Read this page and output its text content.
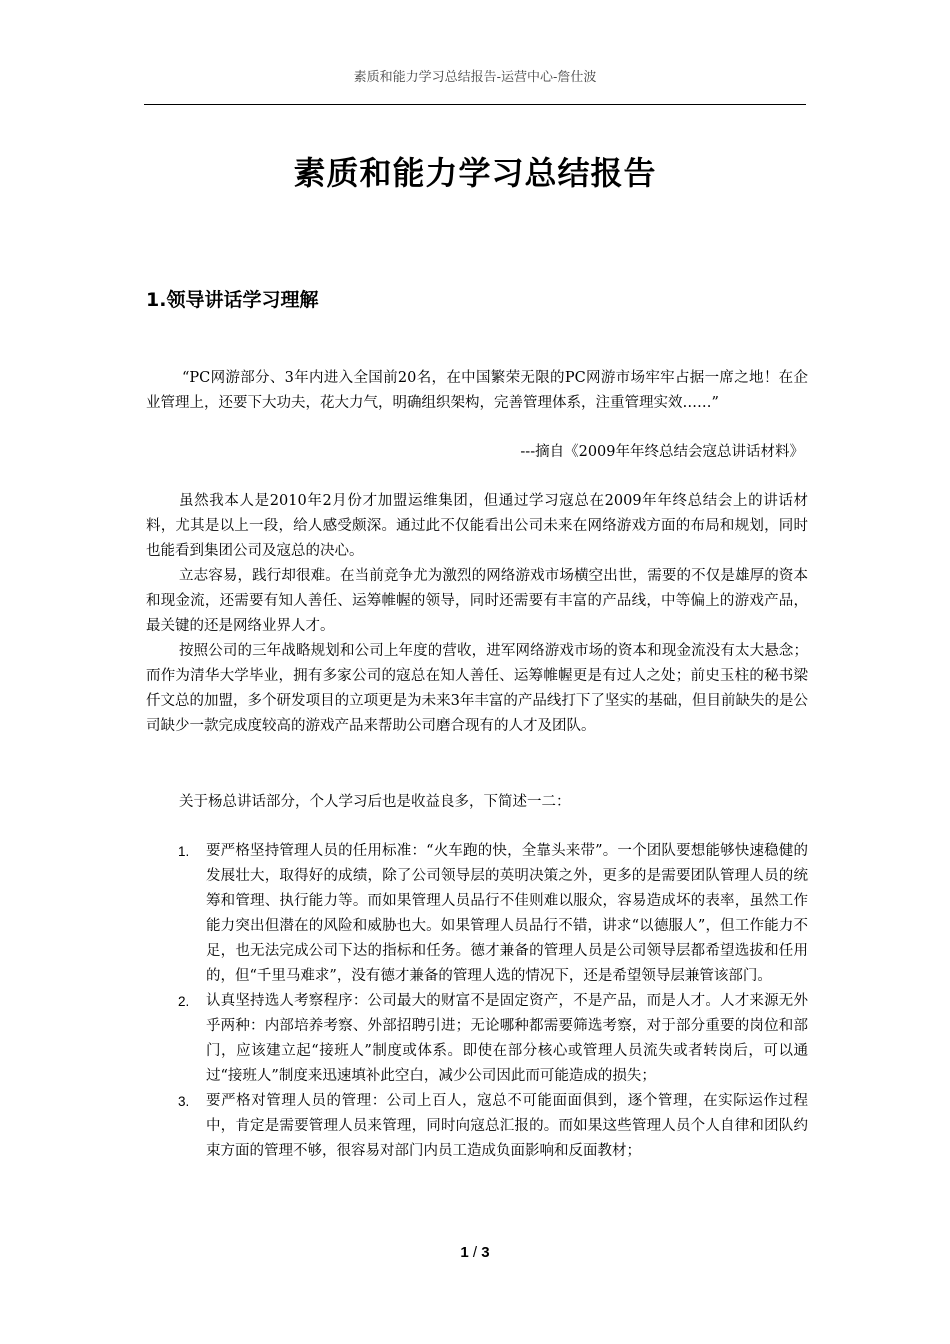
素质和能力学习总结报告-运营中心-詹仕波
素质和能力学习总结报告
1.领导讲话学习理解
“PC网游部分、3年内进入全国前20名，在中国繁荣无限的PC网游市场牢牢占据一席之地！在企业管理上，还要下大功夫，花大力气，明确组织架构，完善管理体系，注重管理实效……”
---摘自《2009年年终总结会寇总讲话材料》

虽然我本人是2010年2月份才加盟运维集团，但通过学习寇总在2009年年终总结会上的讲话材料，尤其是以上一段，给人感受颇深。通过此不仅能看出公司未来在网络游戏方面的布局和规划，同时也能看到集团公司及寇总的决心。

立志容易，践行却很难。在当前竞争尤为激烈的网络游戏市场横空出世，需要的不仅是雄厚的资本和现金流，还需要有知人善任、运筹帷幄的领导，同时还需要有丰富的产品线，中等偏上的游戏产品，最关键的还是网络业界人才。

按照公司的三年战略规划和公司上年度的营收，进军网络游戏市场的资本和现金流没有太大悬念；而作为清华大学毕业，拥有多家公司的寇总在知人善任、运筹帷幄更是有过人之处；前史玉柱的秘书梁仟文总的加盟，多个研发项目的立项更是为未来3年丰富的产品线打下了坚实的基础，但目前缺失的是公司缺少一款完成度较高的游戏产品来帮助公司磨合现有的人才及团队。

关于杨总讲话部分，个人学习后也是收益良多，下简述一二：
1. 要严格坚持管理人员的任用标准：“火车跑的快，全靠头来带”。一个团队要想能够快速稳健的发展壮大，取得好的成绩，除了公司领导层的英明决策之外，更多的是需要团队管理人员的统筹和管理、执行能力等。而如果管理人员品行不佳则难以服众，容易造成坏的表率，虽然工作能力突出但潜在的风险和威胁也大。如果管理人员品行不错，讲求“以德服人”，但工作能力不足，也无法完成公司下达的指标和任务。德才兼备的管理人员是公司领导层都希望选拔和任用的，但“千里马难求”，没有德才兼备的管理人选的情况下，还是希望领导层兼管该部门。
2. 认真坚持选人考察程序：公司最大的财富不是固定资产，不是产品，而是人才。人才来源无外乎两种：内部培养考察、外部招聘引进；无论哪种都需要筛选考察，对于部分重要的岗位和部门，应该建立起“接班人”制度或体系。即使在部分核心或管理人员流失或者转岗后，可以通过“接班人”制度来迅速填补此空白，减少公司因此而可能造成的损失；
3. 要严格对管理人员的管理：公司上百人，寇总不可能面面俱到，逐个管理，在实际运作过程中，肯定是需要管理人员来管理，同时向寇总汇报的。而如果这些管理人员个人自律和团队约束方面的管理不够，很容易对部门内员工造成负面影响和反面教材；
1 / 3
